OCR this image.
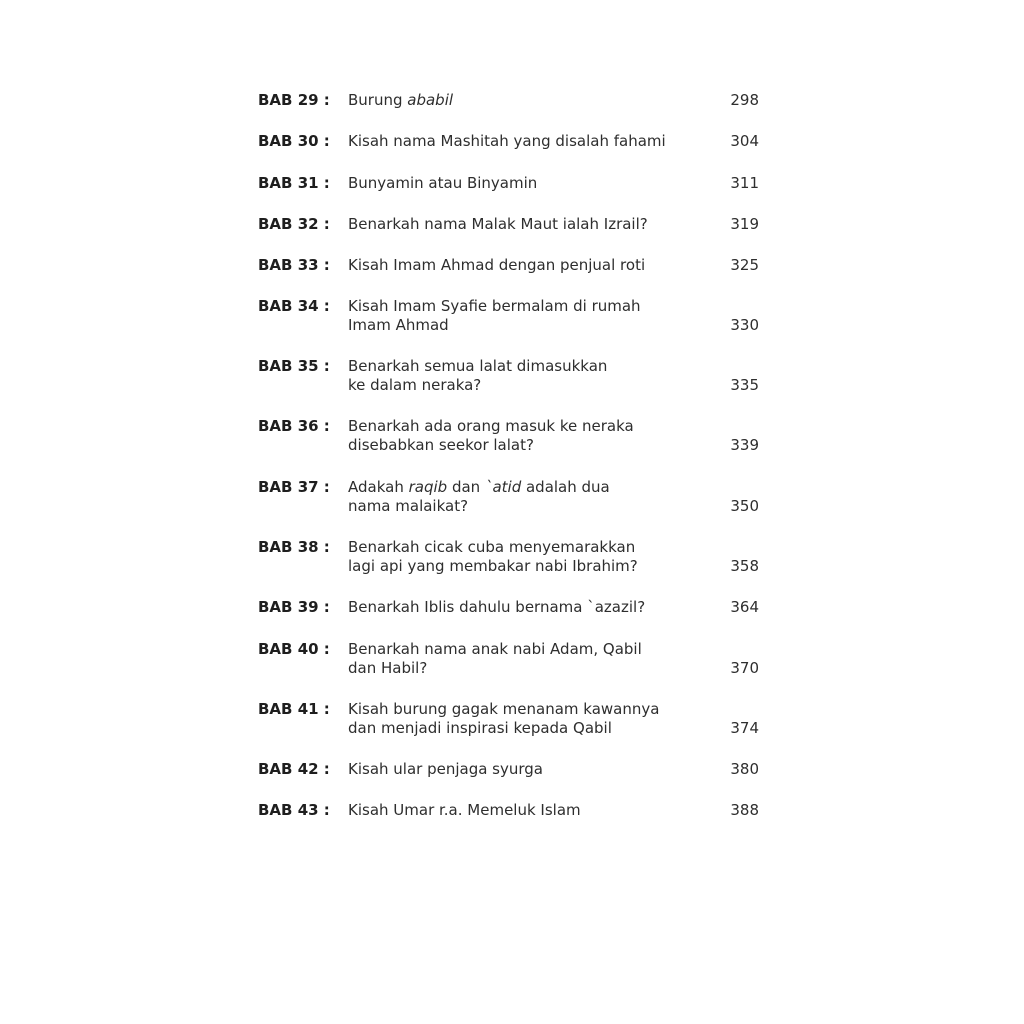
BAB 29 : Burung ababil	298
BAB 30 : Kisah nama Mashitah yang disalah fahami	304
BAB 31 : Bunyamin atau Binyamin	311
BAB 32 : Benarkah nama Malak Maut ialah Izrail?	319
BAB 33 : Kisah Imam Ahmad dengan penjual roti	325
BAB 34 : Kisah Imam Syafie bermalam di rumah
Imam Ahmad	330
BAB 35 : Benarkah semua lalat dimasukkan
ke dalam neraka?	335
BAB 36 : Benarkah ada orang masuk ke neraka
disebabkan seekor lalat?	339
BAB 37 : Adakah raqib dan `atid adalah dua
nama malaikat?	350
BAB 38 : Benarkah cicak cuba menyemarakkan
lagi api yang membakar nabi Ibrahim?	358
BAB 39 : Benarkah Iblis dahulu bernama `azazil?	364
BAB 40 : Benarkah nama anak nabi Adam, Qabil
dan Habil?	370
BAB 41 : Kisah burung gagak menanam kawannya
dan menjadi inspirasi kepada Qabil	374
BAB 42 : Kisah ular penjaga syurga	380
BAB 43 : Kisah Umar r.a. Memeluk Islam	388
